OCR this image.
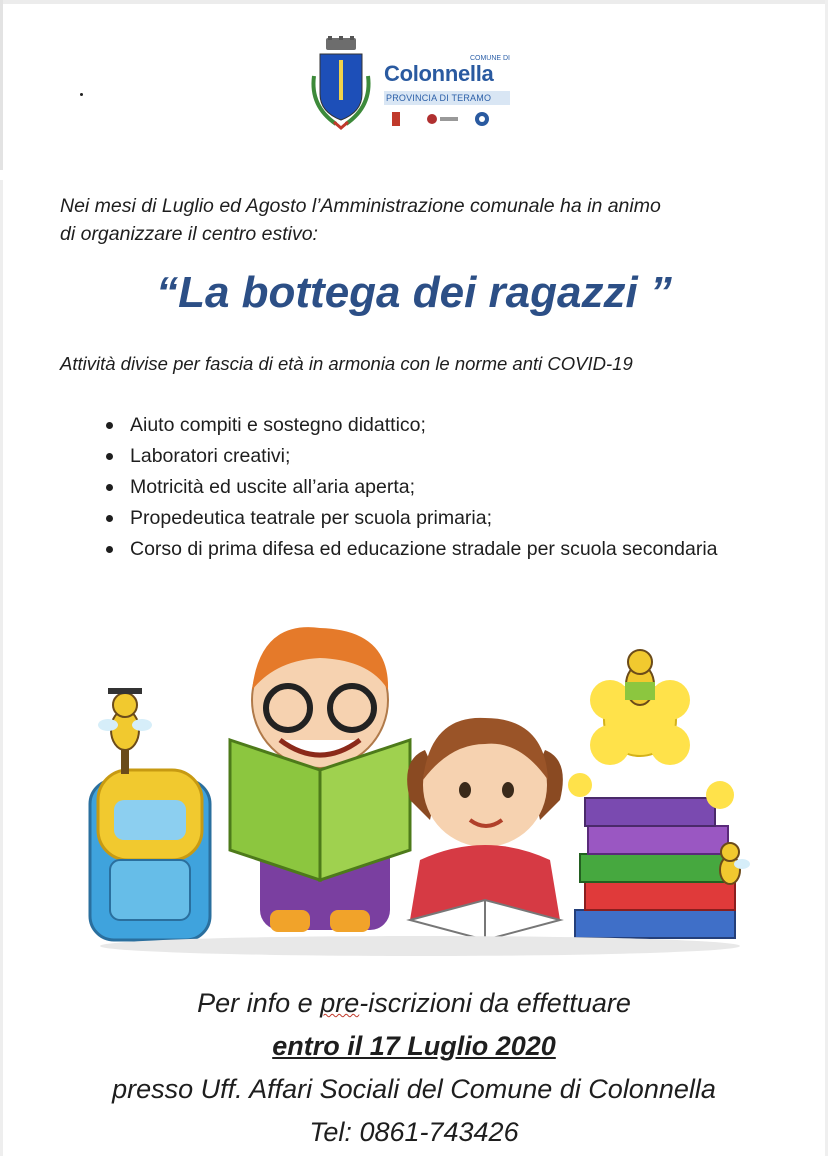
COMUNE DI
Colonnella
PROVINCIA DI TERAMO
Nei mesi di Luglio ed Agosto l’Amministrazione comunale ha in animo
di organizzare il centro estivo:
“La bottega dei ragazzi ”
Attività divise per fascia di età in armonia con le norme anti COVID-19
Aiuto compiti e sostegno didattico;
Laboratori creativi;
Motricità ed uscite all’aria aperta;
Propedeutica teatrale per scuola primaria;
Corso di prima difesa ed educazione stradale per scuola secondaria
Per info e pre-iscrizioni da effettuare
entro il 17 Luglio 2020
presso Uff. Affari Sociali del Comune di Colonnella
Tel: 0861-743426
